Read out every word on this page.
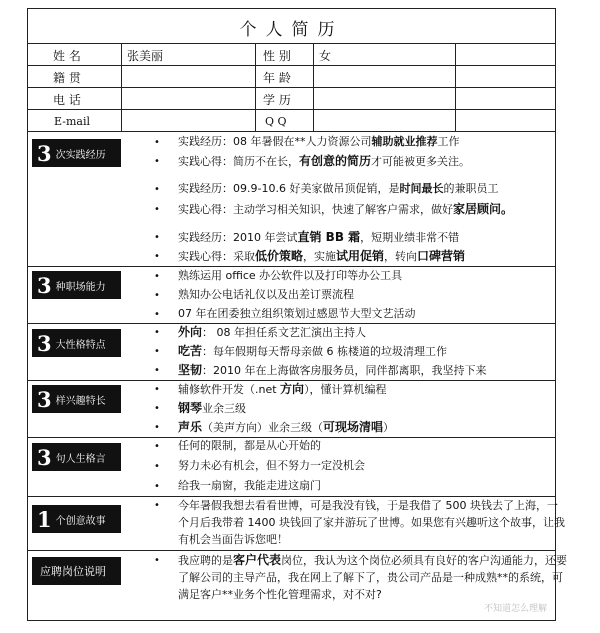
个人简历
姓 名	张美丽	性 别 女
籍 贯	年 龄
电 话	学 历
E-mail	Q Q
3 次实践经历
• 实践经历：08 年暑假在**人力资源公司辅助就业推荐工作
• 实践心得：简历不在长，有创意的简历才可能被更多关注。
• 实践经历：09.9-10.6 好美家做吊顶促销，是时间最长的兼职员工
• 实践心得：主动学习相关知识，快速了解客户需求，做好家居顾问。
• 实践经历：2010 年尝试直销 BB 霜，短期业绩非常不错
• 实践心得：采取低价策略，实施试用促销，转向口碑营销
3 种职场能力
• 熟练运用 office 办公软件以及打印等办公工具
• 熟知办公电话礼仪以及出差订票流程
• 07 年在团委独立组织策划过感恩节大型文艺活动
3 大性格特点
• 外向： 08 年担任系文艺汇演出主持人
• 吃苦：每年假期每天帮母亲做 6 栋楼道的垃圾清理工作
• 坚韧：2010 年在上海做客房服务员，同伴都离职，我坚持下来
3 样兴趣特长
• 辅修软件开发（.net 方向），懂计算机编程
• 钢琴业余三级
• 声乐（美声方向）业余三级（可现场清唱）
3 句人生格言
• 任何的限制，都是从心开始的
• 努力未必有机会，但不努力一定没机会
• 给我一扇窗，我能走进这扇门
1 个创意故事
• 今年暑假我想去看看世博，可是我没有钱，于是我借了 500 块钱去了上海，一个月后我带着 1400 块钱回了家并游玩了世博。如果您有兴趣听这个故事，让我有机会当面告诉您吧！
应聘岗位说明
• 我应聘的是客户代表岗位，我认为这个岗位必须具有良好的客户沟通能力，还要了解公司的主导产品，我在网上了解下了，贵公司产品是一种成熟**的系统，可满足客户**业务个性化管理需求，对不对?
不知道怎么理解
